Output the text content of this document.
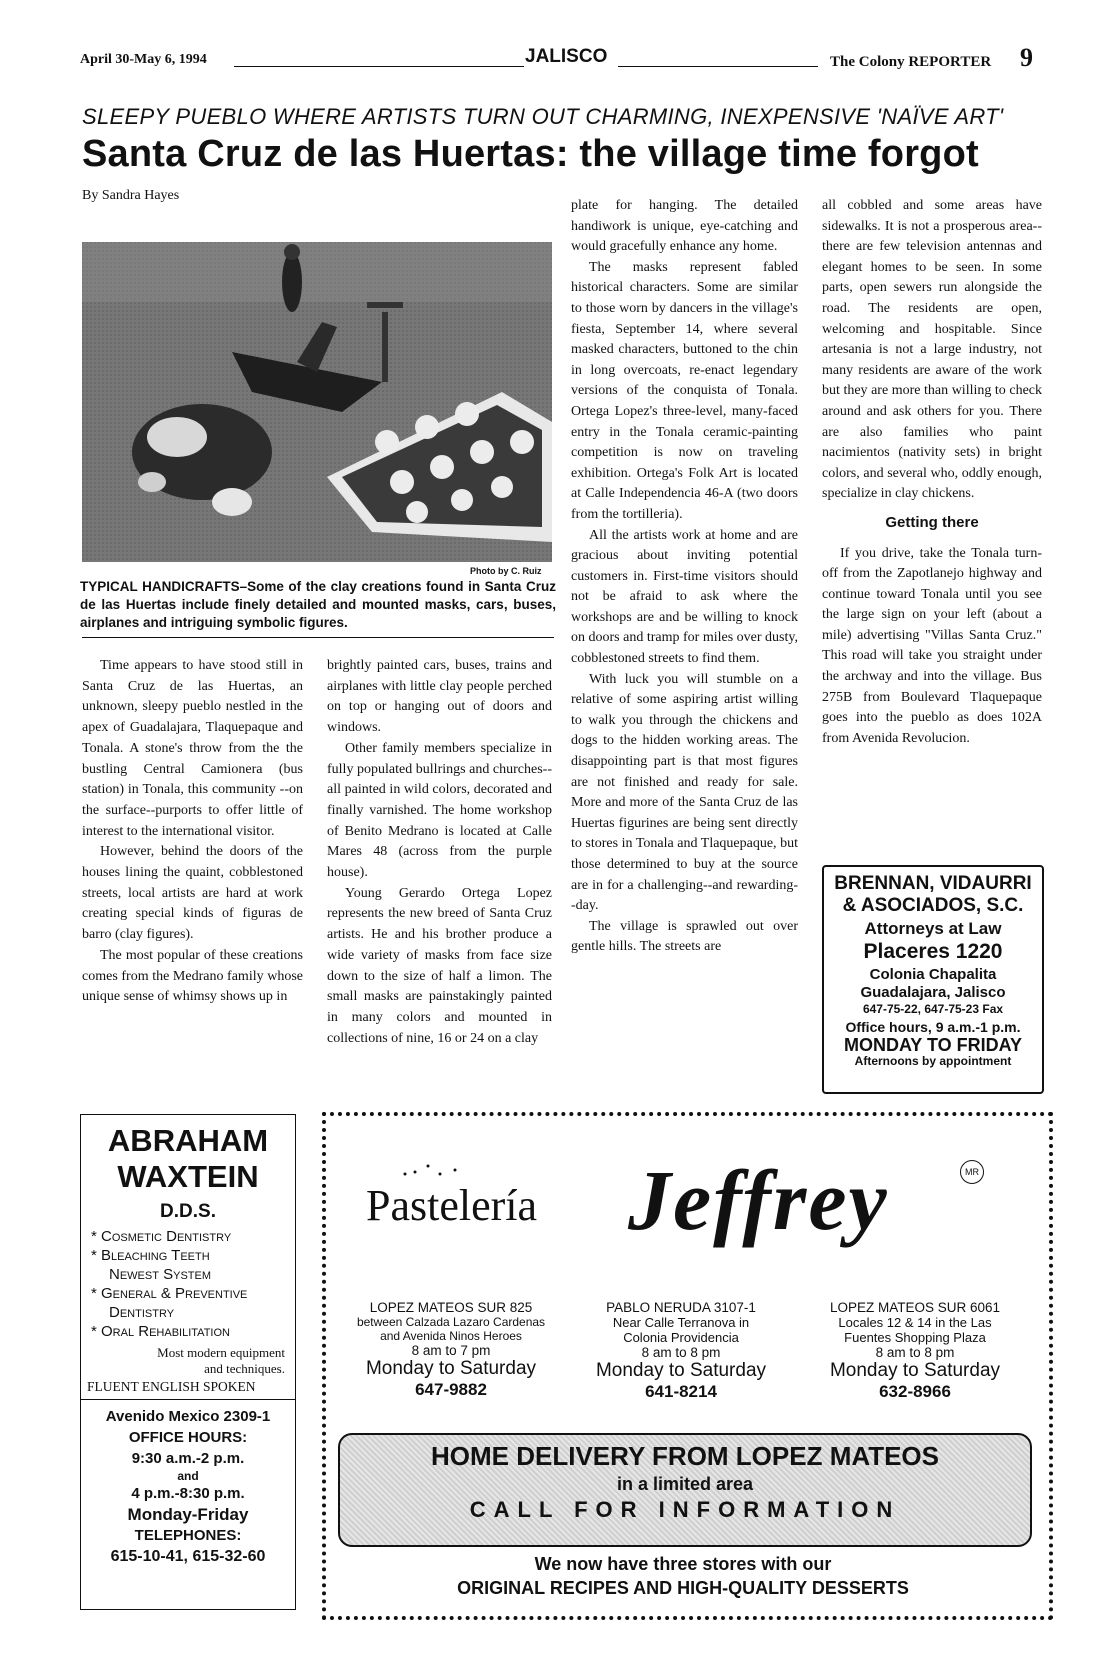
April 30-May 6, 1994	JALISCO	The Colony REPORTER 9
SLEEPY PUEBLO WHERE ARTISTS TURN OUT CHARMING, INEXPENSIVE 'NAÏVE ART'
Santa Cruz de las Huertas: the village time forgot
By Sandra Hayes
Photo by C. Ruiz
TYPICAL HANDICRAFTS–Some of the clay creations found in Santa Cruz de las Huertas include finely detailed and mounted masks, cars, buses, airplanes and intriguing symbolic figures.

Time appears to have stood still in Santa Cruz de las Huertas, an unknown, sleepy pueblo nestled in the apex of Guadalajara, Tlaquepaque and Tonala. A stone's throw from the the bustling Central Camionera (bus station) in Tonala, this community --on the surface--purports to offer little of interest to the international visitor.

However, behind the doors of the houses lining the quaint, cobblestoned streets, local artists are hard at work creating special kinds of figuras de barro (clay figures).

The most popular of these creations comes from the Medrano family whose unique sense of whimsy shows up in

brightly painted cars, buses, trains and airplanes with little clay people perched on top or hanging out of doors and windows.

Other family members specialize in fully populated bullrings and churches--all painted in wild colors, decorated and finally varnished. The home workshop of Benito Medrano is located at Calle Mares 48 (across from the purple house).

Young Gerardo Ortega Lopez represents the new breed of Santa Cruz artists. He and his brother produce a wide variety of masks from face size down to the size of half a limon. The small masks are painstakingly painted in many colors and mounted in collections of nine, 16 or 24 on a clay

plate for hanging. The detailed handiwork is unique, eye-catching and would gracefully enhance any home.

The masks represent fabled historical characters. Some are similar to those worn by dancers in the village's fiesta, September 14, where several masked characters, buttoned to the chin in long overcoats, re-enact legendary versions of the conquista of Tonala. Ortega Lopez's three-level, many-faced entry in the Tonala ceramic-painting competition is now on traveling exhibition. Ortega's Folk Art is located at Calle Independencia 46-A (two doors from the tortilleria).

All the artists work at home and are gracious about inviting potential customers in. First-time visitors should not be afraid to ask where the workshops are and be willing to knock on doors and tramp for miles over dusty, cobblestoned streets to find them.

With luck you will stumble on a relative of some aspiring artist willing to walk you through the chickens and dogs to the hidden working areas. The disappointing part is that most figures are not finished and ready for sale. More and more of the Santa Cruz de las Huertas figurines are being sent directly to stores in Tonala and Tlaquepaque, but those determined to buy at the source are in for a challenging--and rewarding--day.

The village is sprawled out over gentle hills. The streets are

all cobbled and some areas have sidewalks. It is not a prosperous area--there are few television antennas and elegant homes to be seen. In some parts, open sewers run alongside the road. The residents are open, welcoming and hospitable. Since artesania is not a large industry, not many residents are aware of the work but they are more than willing to check around and ask others for you. There are also families who paint nacimientos (nativity sets) in bright colors, and several who, oddly enough, specialize in clay chickens.

Getting there

If you drive, take the Tonala turn-off from the Zapotlanejo highway and continue toward Tonala until you see the large sign on your left (about a mile) advertising "Villas Santa Cruz." This road will take you straight under the archway and into the village. Bus 275B from Boulevard Tlaquepaque goes into the pueblo as does 102A from Avenida Revolucion.

BRENNAN, VIDAURRI
& ASOCIADOS, S.C.
Attorneys at Law
Placeres 1220
Colonia Chapalita
Guadalajara, Jalisco
647-75-22, 647-75-23 Fax
Office hours, 9 a.m.-1 p.m.
MONDAY TO FRIDAY
Afternoons by appointment
ABRAHAM
WAXTEIN
D.D.S.
* Cosmetic Dentistry
* Bleaching Teeth
Newest System
* General & Preventive
Dentistry
* Oral Rehabilitation
Most modern equipment
and techniques.
FLUENT ENGLISH SPOKEN
Avenido Mexico 2309-1
OFFICE HOURS:
9:30 a.m.-2 p.m.
and
4 p.m.-8:30 p.m.
Monday-Friday
TELEPHONES:
615-10-41, 615-32-60
Pastelería Jeffrey	MR
LOPEZ MATEOS SUR 825
between Calzada Lazaro Cardenas
and Avenida Ninos Heroes
8 am to 7 pm
Monday to Saturday
647-9882
PABLO NERUDA 3107-1
Near Calle Terranova in
Colonia Providencia
8 am to 8 pm
Monday to Saturday
641-8214
LOPEZ MATEOS SUR 6061
Locales 12 & 14 in the Las
Fuentes Shopping Plaza
8 am to 8 pm
Monday to Saturday
632-8966
HOME DELIVERY FROM LOPEZ MATEOS
in a limited area
CALL FOR INFORMATION
We now have three stores with our
ORIGINAL RECIPES AND HIGH-QUALITY DESSERTS
